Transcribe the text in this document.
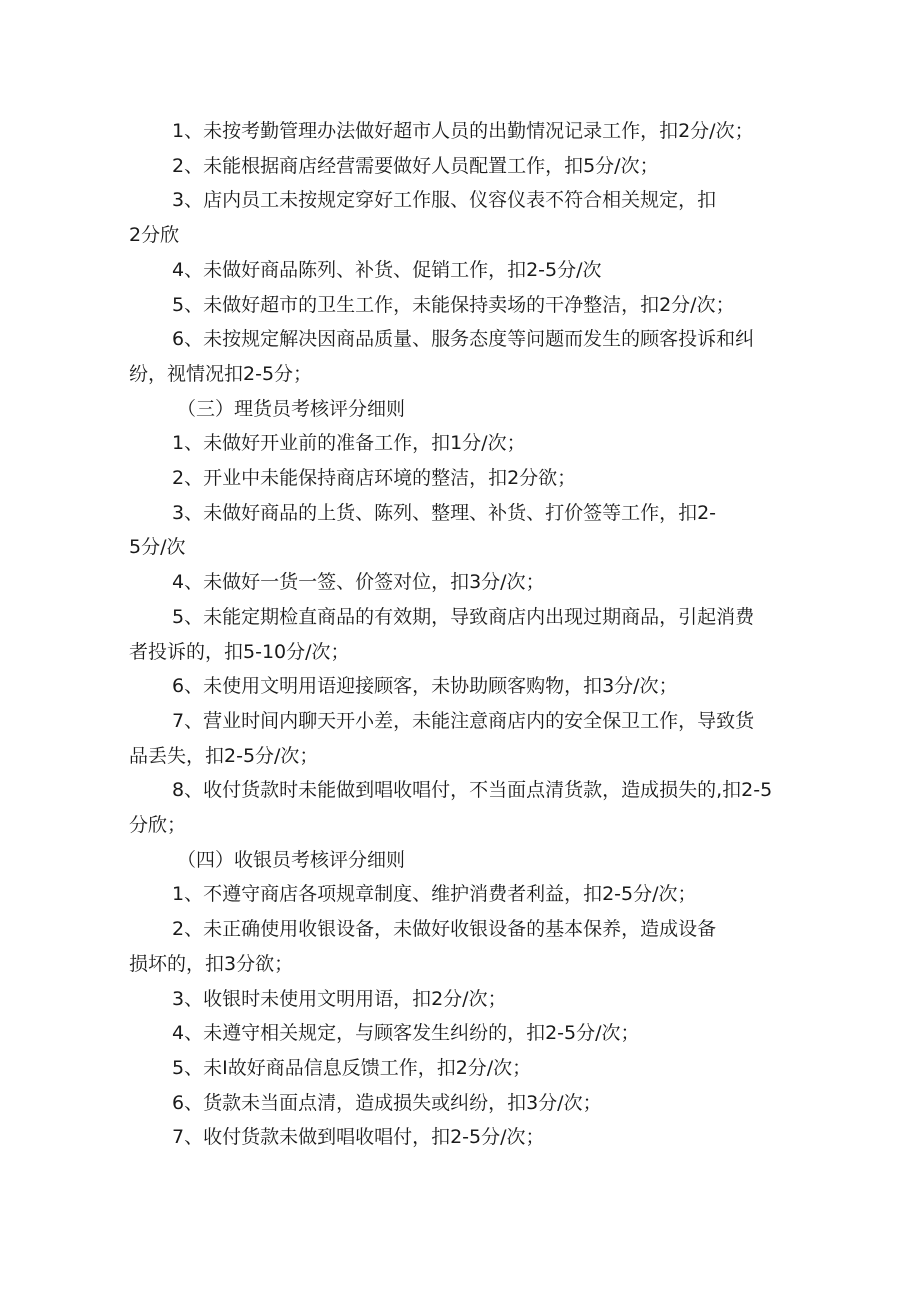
1、未按考勤管理办法做好超市人员的出勤情况记录工作，扣2分/次；
2、未能根据商店经营需要做好人员配置工作，扣5分/次；
3、店内员工未按规定穿好工作服、仪容仪表不符合相关规定，扣
2分欣
4、未做好商品陈列、补货、促销工作，扣2-5分/次
5、未做好超市的卫生工作，未能保持卖场的干净整洁，扣2分/次；
6、未按规定解决因商品质量、服务态度等问题而发生的顾客投诉和纠
纷，视情况扣2-5分；
（三）理货员考核评分细则
1、未做好开业前的准备工作，扣1分/次；
2、开业中未能保持商店环境的整洁，扣2分欲；
3、未做好商品的上货、陈列、整理、补货、打价签等工作，扣2-
5分/次
4、未做好一货一签、价签对位，扣3分/次；
5、未能定期检直商品的有效期，导致商店内出现过期商品，引起消费
者投诉的，扣5-10分/次；
6、未使用文明用语迎接顾客，未协助顾客购物，扣3分/次；
7、营业时间内聊天开小差，未能注意商店内的安全保卫工作，导致货
品丢失，扣2-5分/次；
8、收付货款时未能做到唱收唱付，不当面点清货款，造成损失的,扣2-5
分欣；
（四）收银员考核评分细则
1、不遵守商店各项规章制度、维护消费者利益，扣2-5分/次；
2、未正确使用收银设备，未做好收银设备的基本保养，造成设备
损坏的，扣3分欲；
3、收银时未使用文明用语，扣2分/次；
4、未遵守相关规定，与顾客发生纠纷的，扣2-5分/次；
5、未I故好商品信息反馈工作，扣2分/次；
6、货款未当面点清，造成损失或纠纷，扣3分/次；
7、收付货款未做到唱收唱付，扣2-5分/次；
